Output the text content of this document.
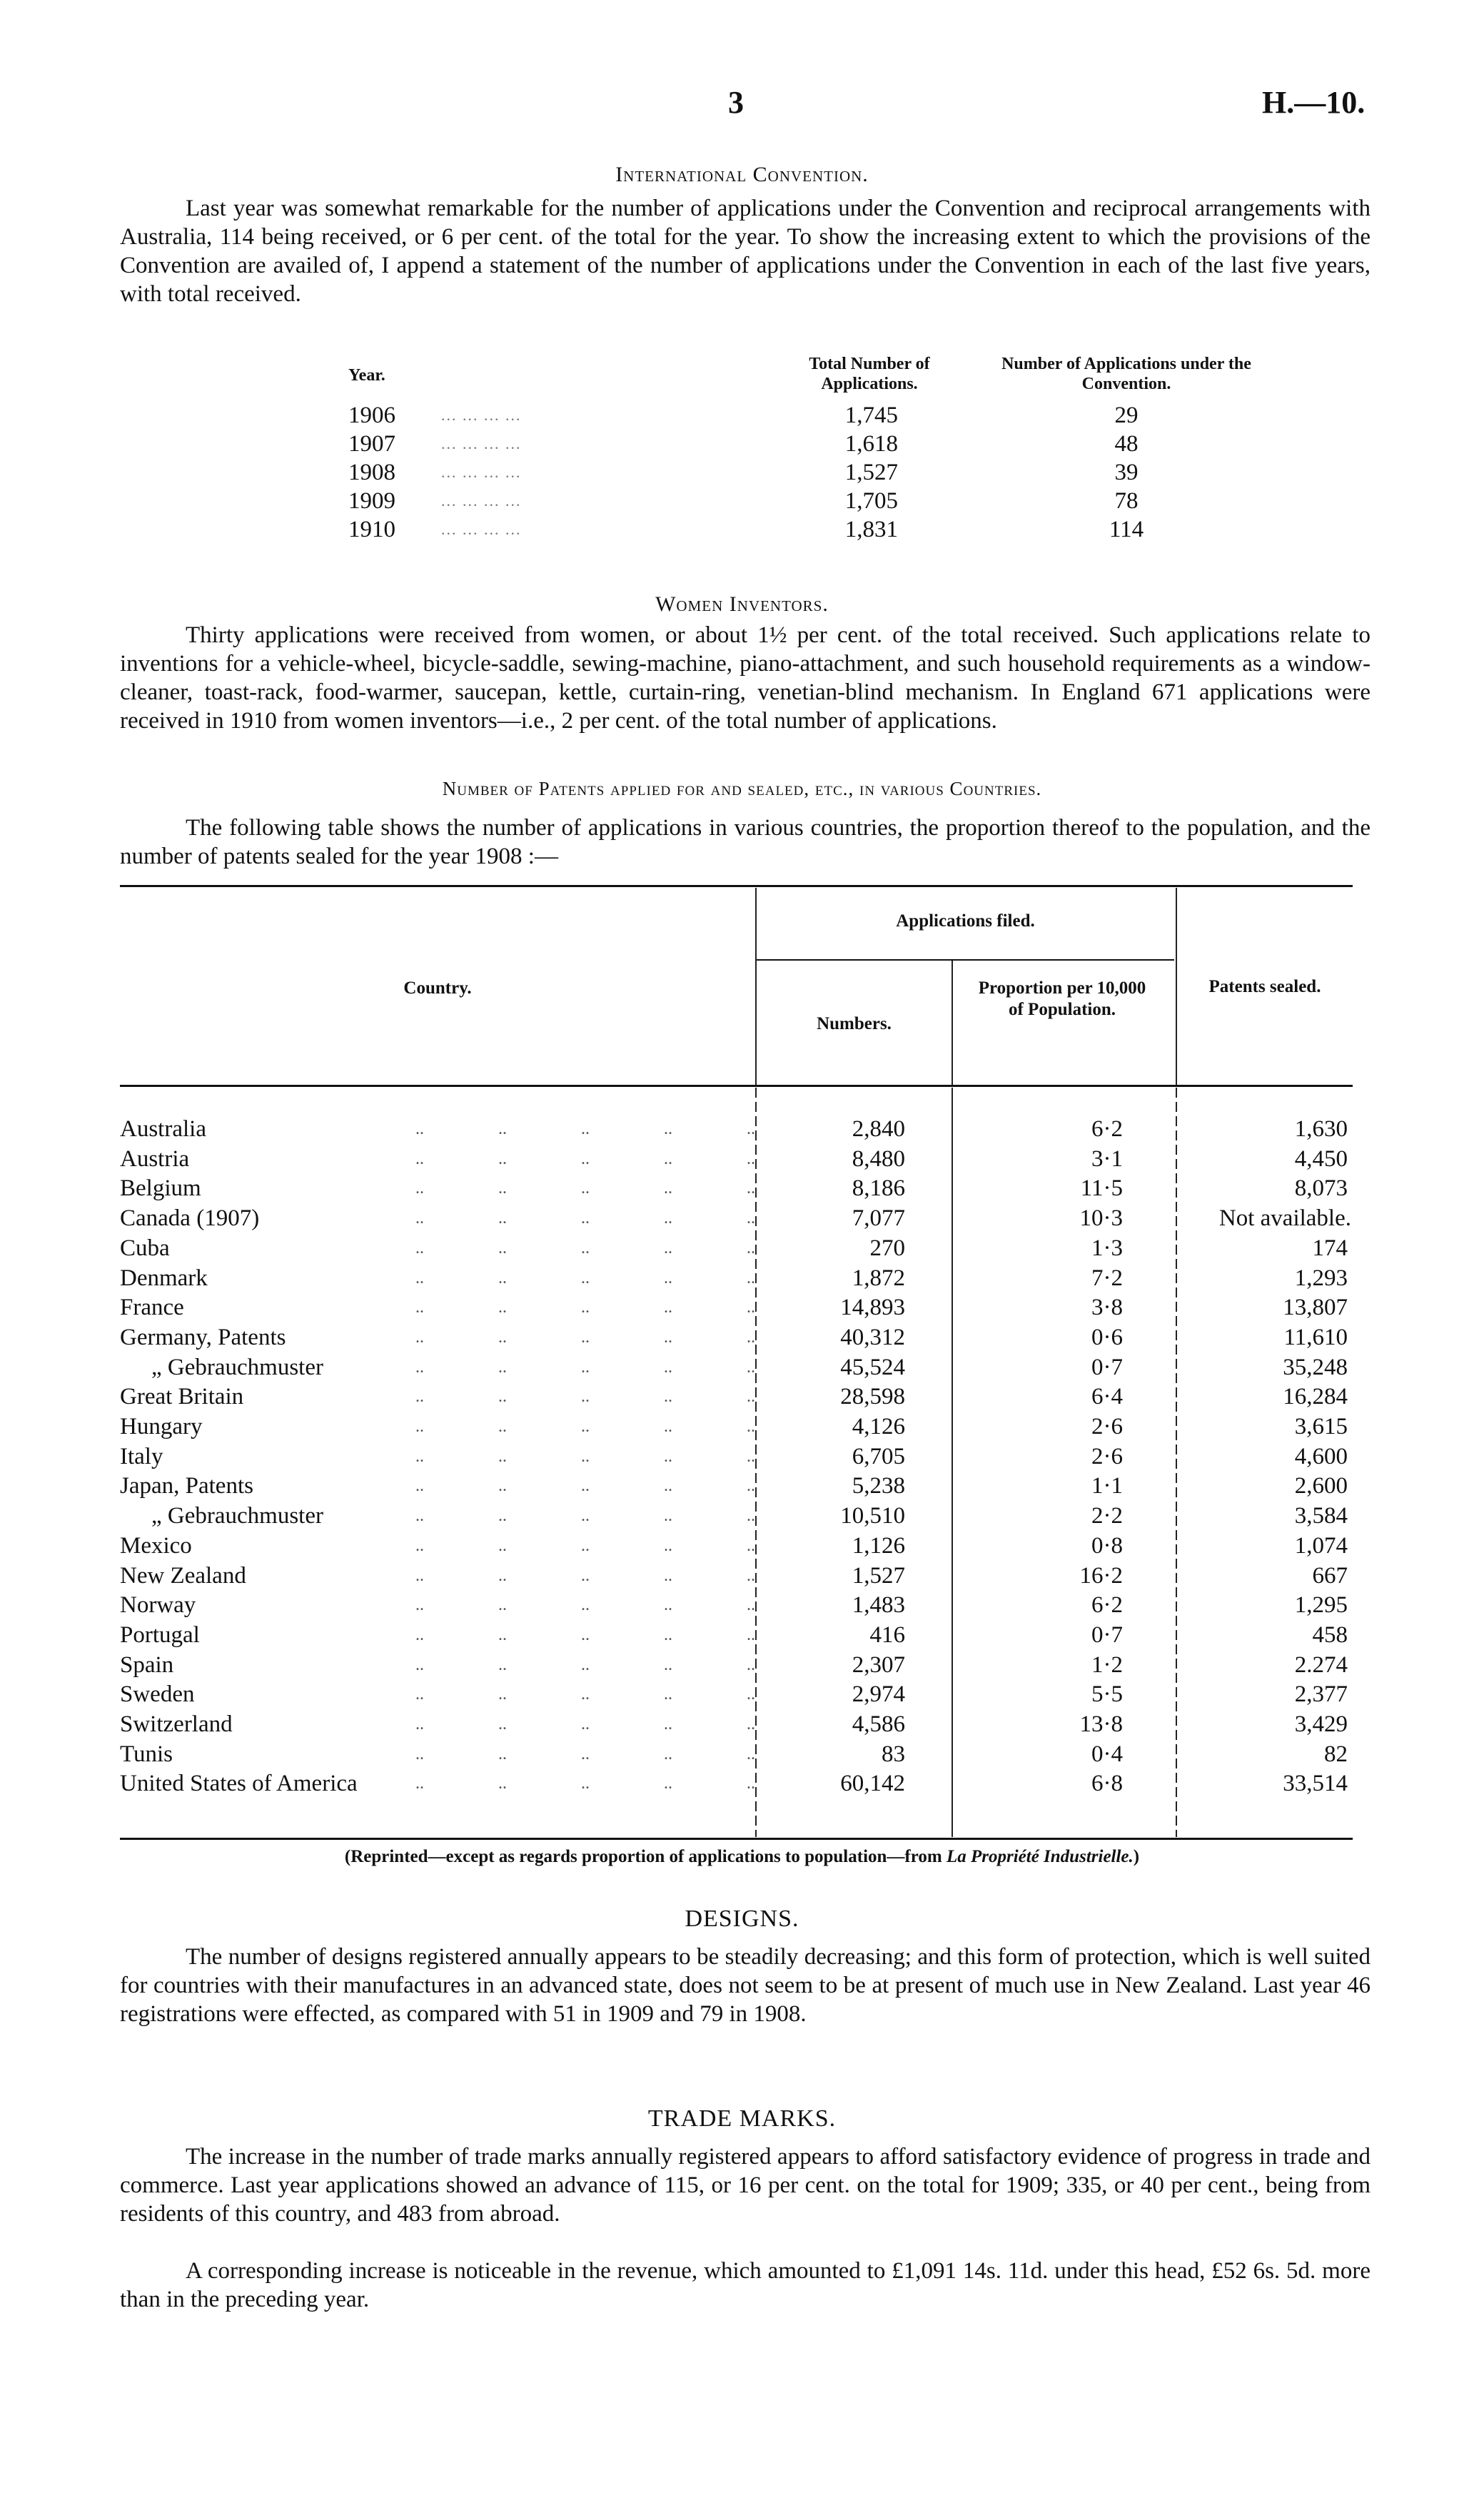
3	H.—10.
International Convention.

Last year was somewhat remarkable for the number of applications under the Convention and reciprocal arrangements with Australia, 114 being received, or 6 per cent. of the total for the year. To show the increasing extent to which the provisions of the Convention are availed of, I append a statement of the number of applications under the Convention in each of the last five years, with total received.

Year.
Total Number of Applications.
Number of Applications under the Convention.
1906	... ... ... ...	1,745	29
1907	... ... ... ...	1,618	48
1908	... ... ... ...	1,527	39
1909	... ... ... ...	1,705	78
1910	... ... ... ...	1,831	114
Women Inventors.

Thirty applications were received from women, or about 1½ per cent. of the total received. Such applications relate to inventions for a vehicle-wheel, bicycle-saddle, sewing-machine, piano-attachment, and such household requirements as a window-cleaner, toast-rack, food-warmer, saucepan, kettle, curtain-ring, venetian-blind mechanism. In England 671 applications were received in 1910 from women inventors—i.e., 2 per cent. of the total number of applications.

Number of Patents applied for and sealed, etc., in various Countries.

The following table shows the number of applications in various countries, the proportion thereof to the population, and the number of patents sealed for the year 1908 :—

Country.
Applications filed.
Numbers.
Proportion per 10,000 of Population.
Patents sealed.
Australia	.. .. .. .. ..	2,840	6·2	1,630
Austria	.. .. .. .. ..	8,480	3·1	4,450
Belgium	.. .. .. .. ..	8,186	11·5	8,073
Canada (1907)	.. .. .. .. ..	7,077	10·3	Not available.
Cuba	.. .. .. .. ..	270	1·3	174
Denmark	.. .. .. .. ..	1,872	7·2	1,293
France	.. .. .. .. ..	14,893	3·8	13,807
Germany, Patents	.. .. .. .. ..	40,312	0·6	11,610
„ Gebrauchmuster	.. .. .. .. ..	45,524	0·7	35,248
Great Britain	.. .. .. .. ..	28,598	6·4	16,284
Hungary	.. .. .. .. ..	4,126	2·6	3,615
Italy	.. .. .. .. ..	6,705	2·6	4,600
Japan, Patents	.. .. .. .. ..	5,238	1·1	2,600
„ Gebrauchmuster	.. .. .. .. ..	10,510	2·2	3,584
Mexico	.. .. .. .. ..	1,126	0·8	1,074
New Zealand	.. .. .. .. ..	1,527	16·2	667
Norway	.. .. .. .. ..	1,483	6·2	1,295
Portugal	.. .. .. .. ..	416	0·7	458
Spain	.. .. .. .. ..	2,307	1·2	2.274
Sweden	.. .. .. .. ..	2,974	5·5	2,377
Switzerland	.. .. .. .. ..	4,586	13·8	3,429
Tunis	.. .. .. .. ..	83	0·4	82
United States of America	.. .. .. .. ..	60,142	6·8	33,514
(Reprinted—except as regards proportion of applications to population—from La Propriété Industrielle.)
DESIGNS.

The number of designs registered annually appears to be steadily decreasing; and this form of protection, which is well suited for countries with their manufactures in an advanced state, does not seem to be at present of much use in New Zealand. Last year 46 registrations were effected, as compared with 51 in 1909 and 79 in 1908.

TRADE MARKS.

The increase in the number of trade marks annually registered appears to afford satisfactory evidence of progress in trade and commerce. Last year applications showed an advance of 115, or 16 per cent. on the total for 1909; 335, or 40 per cent., being from residents of this country, and 483 from abroad.

A corresponding increase is noticeable in the revenue, which amounted to £1,091 14s. 11d. under this head, £52 6s. 5d. more than in the preceding year.
